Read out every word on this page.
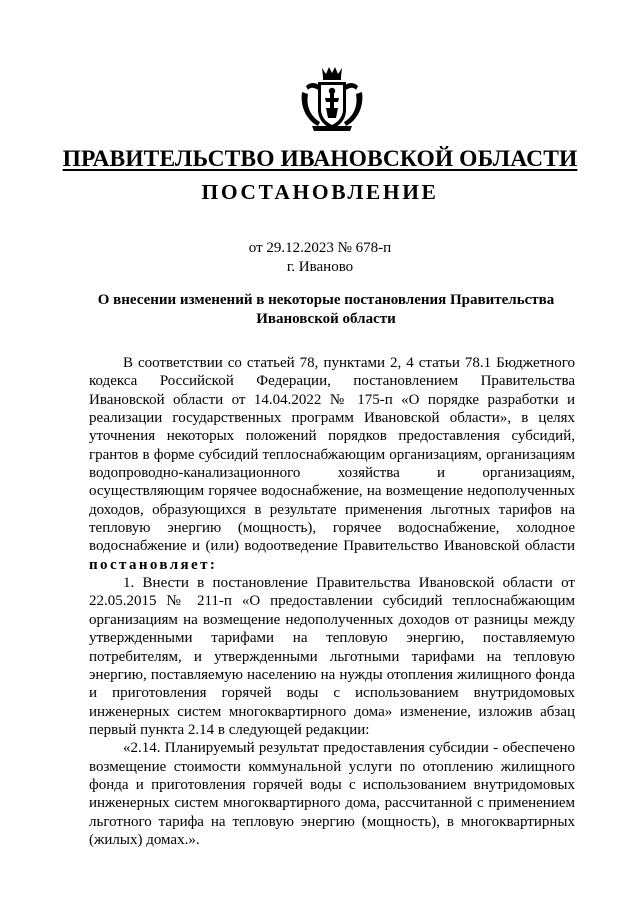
ПРАВИТЕЛЬСТВО ИВАНОВСКОЙ ОБЛАСТИ
ПОСТАНОВЛЕНИЕ
от 29.12.2023 № 678-п
г. Иваново
О внесении изменений в некоторые постановления Правительства Ивановской области

В соответствии со статьей 78, пунктами 2, 4 статьи 78.1 Бюджетного кодекса Российской Федерации, постановлением Правительства Ивановской области от 14.04.2022 № 175-п «О порядке разработки и реализации государственных программ Ивановской области», в целях уточнения некоторых положений порядков предоставления субсидий, грантов в форме субсидий теплоснабжающим организациям, организациям водопроводно-канализационного хозяйства и организациям, осуществляющим горячее водоснабжение, на возмещение недополученных доходов, образующихся в результате применения льготных тарифов на тепловую энергию (мощность), горячее водоснабжение, холодное водоснабжение и (или) водоотведение Правительство Ивановской области постановляет:

1. Внести в постановление Правительства Ивановской области от 22.05.2015 № 211-п «О предоставлении субсидий теплоснабжающим организациям на возмещение недополученных доходов от разницы между утвержденными тарифами на тепловую энергию, поставляемую потребителям, и утвержденными льготными тарифами на тепловую энергию, поставляемую населению на нужды отопления жилищного фонда и приготовления горячей воды с использованием внутридомовых инженерных систем многоквартирного дома» изменение, изложив абзац первый пункта 2.14 в следующей редакции:

«2.14. Планируемый результат предоставления субсидии - обеспечено возмещение стоимости коммунальной услуги по отоплению жилищного фонда и приготовления горячей воды с использованием внутридомовых инженерных систем многоквартирного дома, рассчитанной с применением льготного тарифа на тепловую энергию (мощность), в многоквартирных (жилых) домах.».
